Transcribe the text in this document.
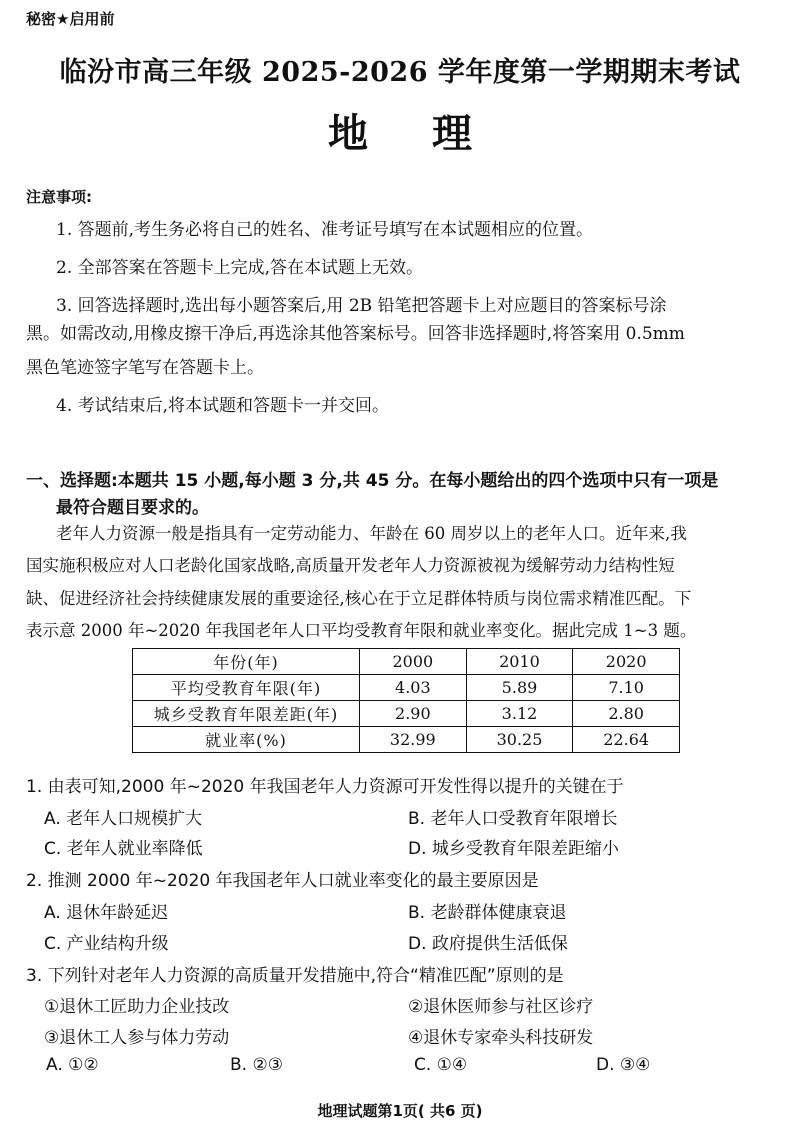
秘密★启用前
临汾市高三年级 2025-2026 学年度第一学期期末考试
地理
注意事项:
1. 答题前,考生务必将自己的姓名、准考证号填写在本试题相应的位置。
2. 全部答案在答题卡上完成,答在本试题上无效。
3. 回答选择题时,选出每小题答案后,用 2B 铅笔把答题卡上对应题目的答案标号涂
黑。如需改动,用橡皮擦干净后,再选涂其他答案标号。回答非选择题时,将答案用 0.5mm
黑色笔迹签字笔写在答题卡上。
4. 考试结束后,将本试题和答题卡一并交回。
一、选择题:本题共 15 小题,每小题 3 分,共 45 分。在每小题给出的四个选项中只有一项是
最符合题目要求的。
老年人力资源一般是指具有一定劳动能力、年龄在 60 周岁以上的老年人口。近年来,我
国实施积极应对人口老龄化国家战略,高质量开发老年人力资源被视为缓解劳动力结构性短
缺、促进经济社会持续健康发展的重要途径,核心在于立足群体特质与岗位需求精准匹配。下
表示意 2000 年~2020 年我国老年人口平均受教育年限和就业率变化。据此完成 1~3 题。
年份(年)	2000	2010	2020
平均受教育年限(年)	4.03	5.89	7.10
城乡受教育年限差距(年)	2.90	3.12	2.80
就业率(%)	32.99	30.25	22.64
1. 由表可知,2000 年~2020 年我国老年人力资源可开发性得以提升的关键在于
A. 老年人口规模扩大	B. 老年人口受教育年限增长
C. 老年人就业率降低	D. 城乡受教育年限差距缩小
2. 推测 2000 年~2020 年我国老年人口就业率变化的最主要原因是
A. 退休年龄延迟	B. 老龄群体健康衰退
C. 产业结构升级	D. 政府提供生活低保
3. 下列针对老年人力资源的高质量开发措施中,符合“精准匹配”原则的是
①退休工匠助力企业技改	②退休医师参与社区诊疗
③退休工人参与体力劳动	④退休专家牵头科技研发
A. ①②	B. ②③	C. ①④	D. ③④
地理试题第1页( 共6 页)
